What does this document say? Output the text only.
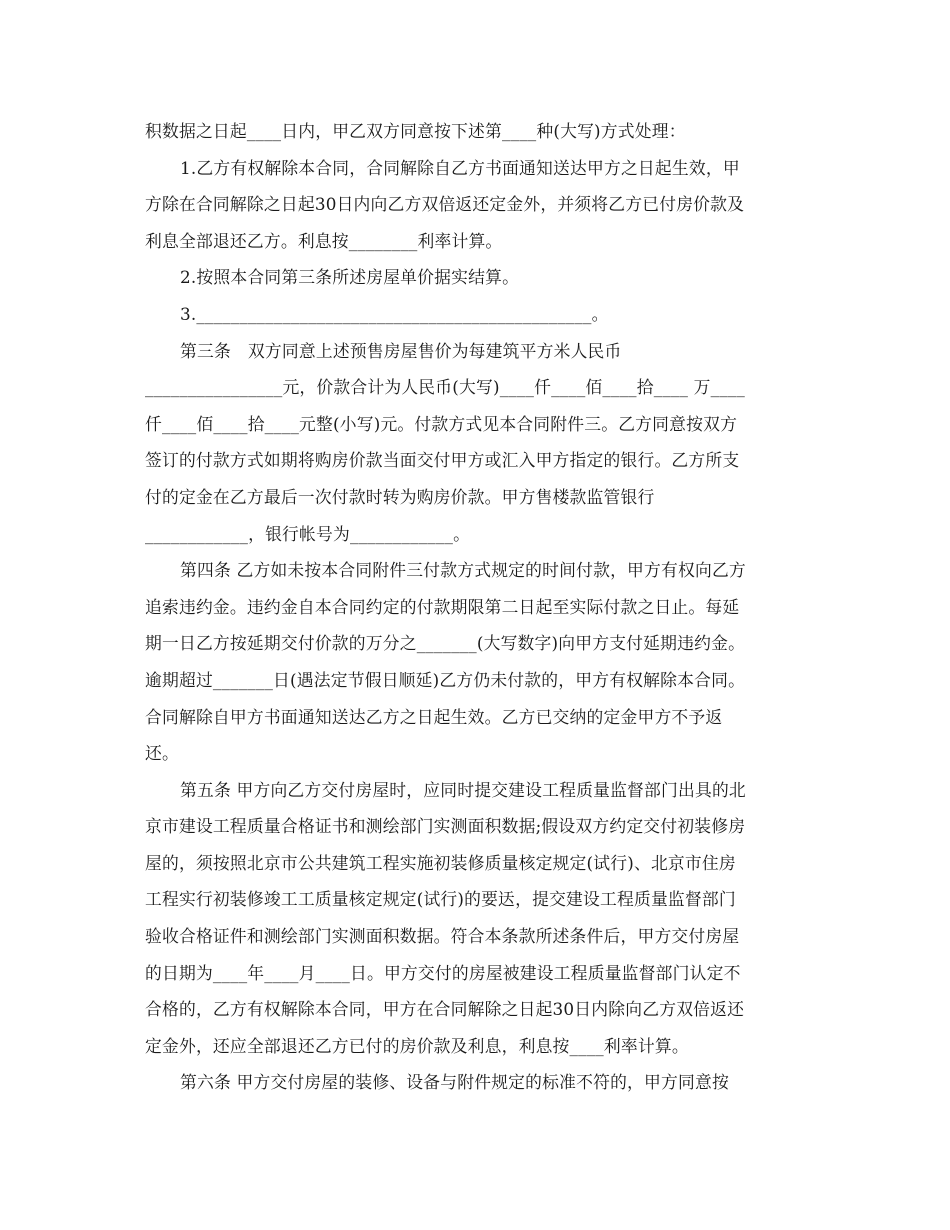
积数据之日起____日内，甲乙双方同意按下述第____种(大写)方式处理：
1.乙方有权解除本合同，合同解除自乙方书面通知送达甲方之日起生效，甲
方除在合同解除之日起30日内向乙方双倍返还定金外，并须将乙方已付房价款及
利息全部退还乙方。利息按________利率计算。
2.按照本合同第三条所述房屋单价据实结算。
3.______________________________________________。
第三条　双方同意上述预售房屋售价为每建筑平方米人民币
________________元，价款合计为人民币(大写)____仟____佰____拾____ 万____
仟____佰____拾____元整(小写)元。付款方式见本合同附件三。乙方同意按双方
签订的付款方式如期将购房价款当面交付甲方或汇入甲方指定的银行。乙方所支
付的定金在乙方最后一次付款时转为购房价款。甲方售楼款监管银行
____________，银行帐号为____________。
第四条 乙方如未按本合同附件三付款方式规定的时间付款，甲方有权向乙方
追索违约金。违约金自本合同约定的付款期限第二日起至实际付款之日止。每延
期一日乙方按延期交付价款的万分之_______(大写数字)向甲方支付延期违约金。
逾期超过_______日(遇法定节假日顺延)乙方仍未付款的，甲方有权解除本合同。
合同解除自甲方书面通知送达乙方之日起生效。乙方已交纳的定金甲方不予返
还。
第五条 甲方向乙方交付房屋时，应同时提交建设工程质量监督部门出具的北
京市建设工程质量合格证书和测绘部门实测面积数据;假设双方约定交付初装修房
屋的，须按照北京市公共建筑工程实施初装修质量核定规定(试行)、北京市住房
工程实行初装修竣工工质量核定规定(试行)的要迗，提交建设工程质量监督部门
验收合格证件和测绘部门实测面积数据。符合本条款所述条件后，甲方交付房屋
的日期为____年____月____日。甲方交付的房屋被建设工程质量监督部门认定不
合格的，乙方有权解除本合同，甲方在合同解除之日起30日内除向乙方双倍返还
定金外，还应全部退还乙方已付的房价款及利息，利息按____利率计算。
第六条 甲方交付房屋的装修、设备与附件规定的标准不符的，甲方同意按
